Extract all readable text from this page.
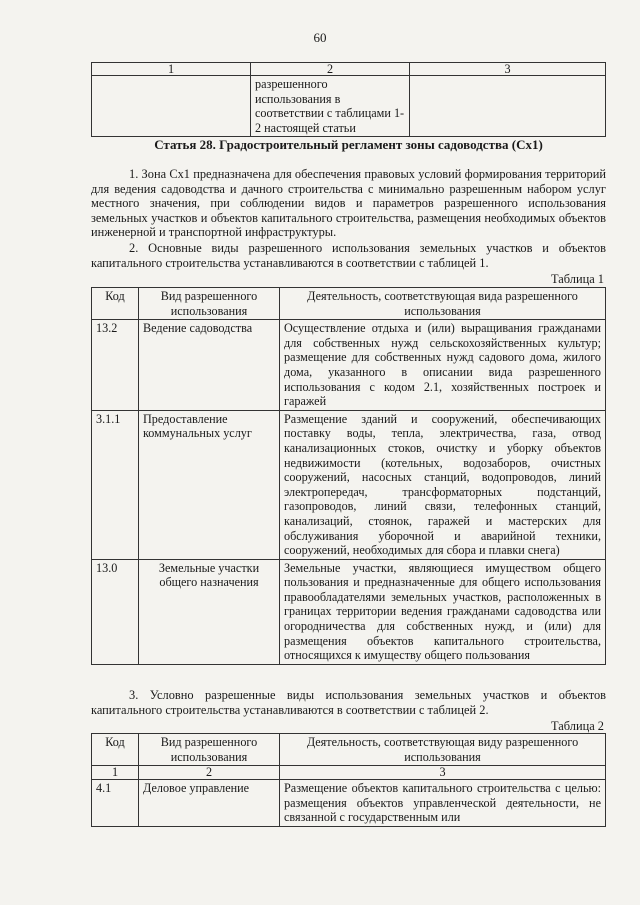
60
1	2	3
	разрешенного использования в соответствии с таблицами 1-2 настоящей статьи	
Статья 28. Градостроительный регламент зоны садоводства (Сх1)

1. Зона Сх1 предназначена для обеспечения правовых условий формирования территорий для ведения садоводства и дачного строительства с минимально разрешенным набором услуг местного значения, при соблюдении видов и параметров разрешенного использования земельных участков и объектов капитального строительства, размещения необходимых объектов инженерной и транспортной инфраструктуры.

2. Основные виды разрешенного использования земельных участков и объектов капитального строительства устанавливаются в соответствии с таблицей 1.

Таблица 1
Код	Вид разрешенного использования	Деятельность, соответствующая вида разрешенного использования
13.2	Ведение садоводства	Осуществление отдыха и (или) выращивания гражданами для собственных нужд сельскохозяйственных культур; размещение для собственных нужд садового дома, жилого дома, указанного в описании вида разрешенного использования с кодом 2.1, хозяйственных построек и гаражей
3.1.1	Предоставление коммунальных услуг	Размещение зданий и сооружений, обеспечивающих поставку воды, тепла, электричества, газа, отвод канализационных стоков, очистку и уборку объектов недвижимости (котельных, водозаборов, очистных сооружений, насосных станций, водопроводов, линий электропередач, трансформаторных подстанций, газопроводов, линий связи, телефонных станций, канализаций, стоянок, гаражей и мастерских для обслуживания уборочной и аварийной техники, сооружений, необходимых для сбора и плавки снега)
13.0	Земельные участки общего назначения	Земельные участки, являющиеся имуществом общего пользования и предназначенные для общего использования правообладателями земельных участков, расположенных в границах территории ведения гражданами садоводства или огородничества для собственных нужд, и (или) для размещения объектов капитального строительства, относящихся к имуществу общего пользования

3. Условно разрешенные виды использования земельных участков и объектов капитального строительства устанавливаются в соответствии с таблицей 2.

Таблица 2
Код	Вид разрешенного использования	Деятельность, соответствующая виду разрешенного использования
1	2	3
4.1	Деловое управление	Размещение объектов капитального строительства с целью: размещения объектов управленческой деятельности, не связанной с государственным или
